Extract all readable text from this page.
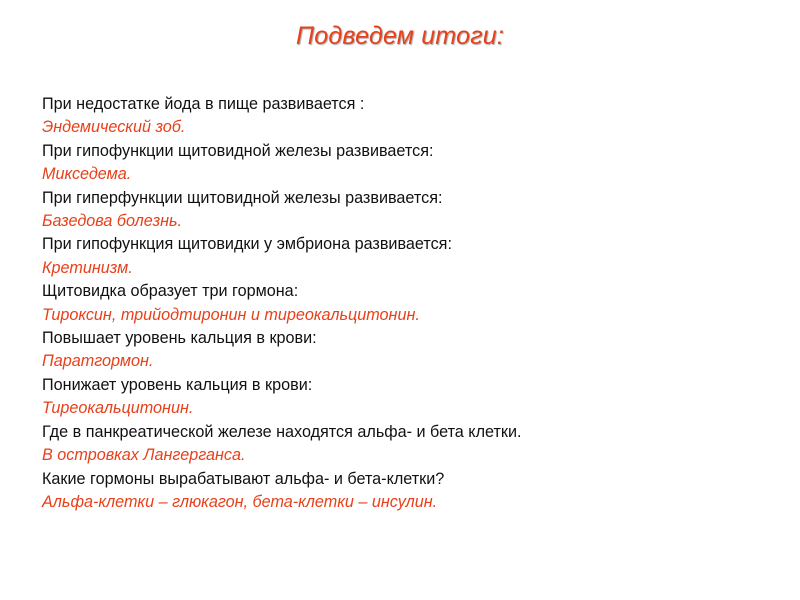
Подведем итоги:
При недостатке йода в пище развивается :
Эндемический зоб.
При гипофункции щитовидной железы развивается:
Микседема.
При гиперфункции щитовидной железы развивается:
Базедова болезнь.
При гипофункция щитовидки у эмбриона развивается:
Кретинизм.
Щитовидка образует три гормона:
Тироксин, трийодтиронин и тиреокальцитонин.
Повышает уровень кальция в крови:
Паратгормон.
Понижает уровень кальция в крови:
Тиреокальцитонин.
Где в панкреатической железе находятся альфа- и бета клетки.
В островках Лангерганса.
Какие гормоны вырабатывают альфа- и бета-клетки?
Альфа-клетки – глюкагон, бета-клетки – инсулин.
